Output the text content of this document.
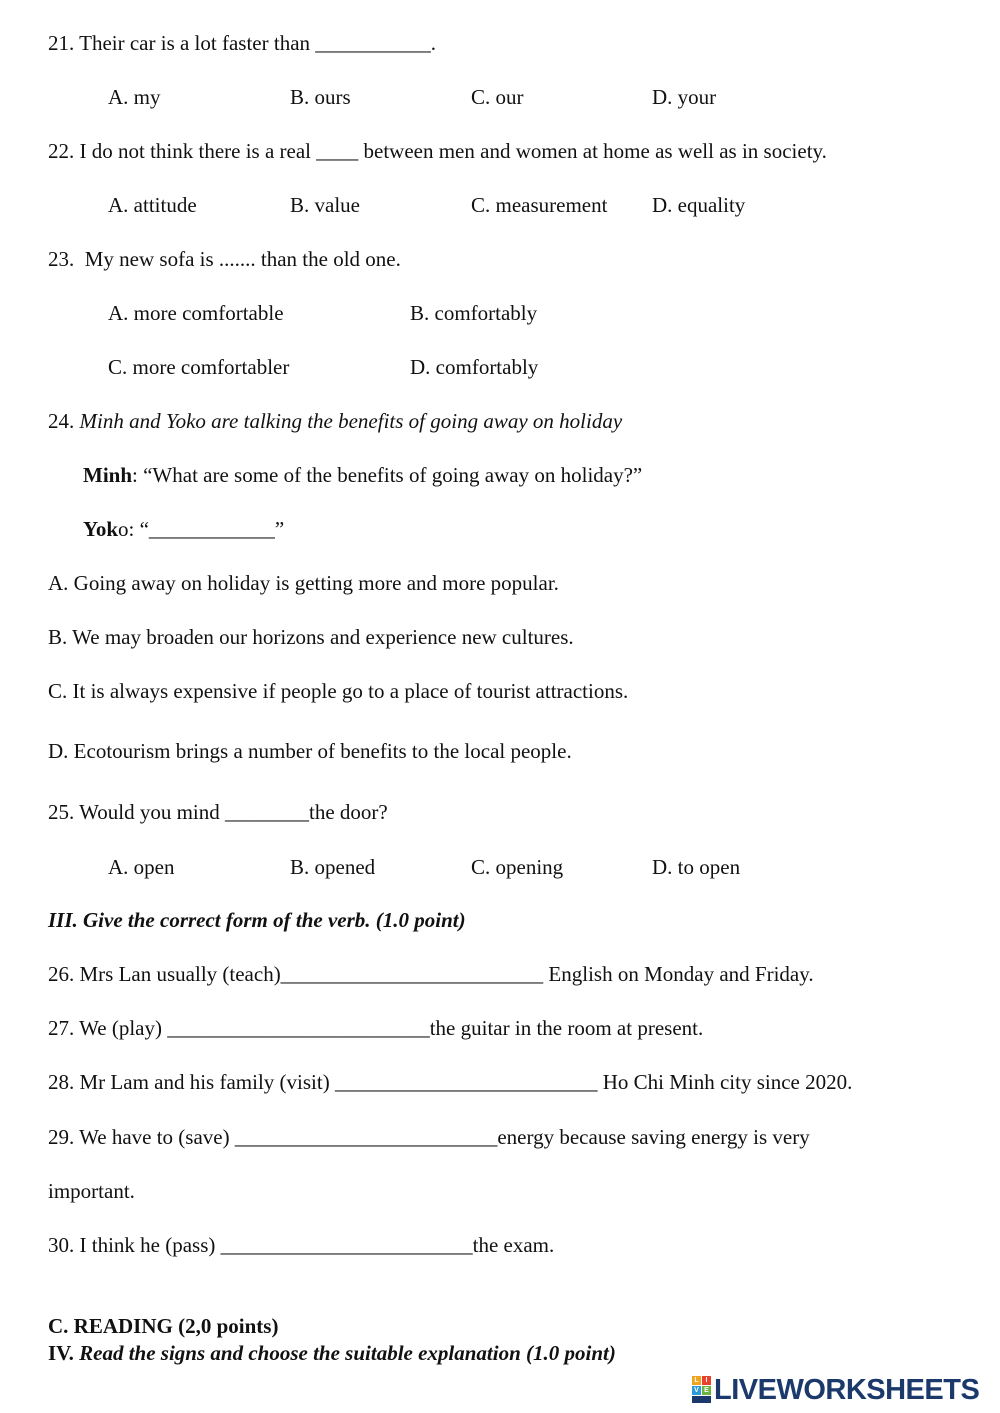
21. Their car is a lot faster than ___________.
A. my	B. ours	C. our	D. your
22. I do not think there is a real ____ between men and women at home as well as in society.
A. attitude	B. value	C. measurement D. equality
23.  My new sofa is ....... than the old one.
A. more comfortable	B. comfortably
C. more comfortabler	D. comfortably
24. Minh and Yoko are talking the benefits of going away on holiday
Minh: “What are some of the benefits of going away on holiday?”
Yoko: “____________”
A. Going away on holiday is getting more and more popular.
B. We may broaden our horizons and experience new cultures.
C. It is always expensive if people go to a place of tourist attractions.
D. Ecotourism brings a number of benefits to the local people.
25. Would you mind ________the door?
A. open	B. opened	C. opening	D. to open
III. Give the correct form of the verb. (1.0 point)
26. Mrs Lan usually (teach)_________________________ English on Monday and Friday.
27. We (play) _________________________the guitar in the room at present.
28. Mr Lam and his family (visit) _________________________ Ho Chi Minh city since 2020.
29. We have to (save) _________________________energy because saving energy is very
important.
30. I think he (pass) ________________________the exam.
C. READING (2,0 points)
IV. Read the signs and choose the suitable explanation (1.0 point)
L I
V E LIVEWORKSHEETS
